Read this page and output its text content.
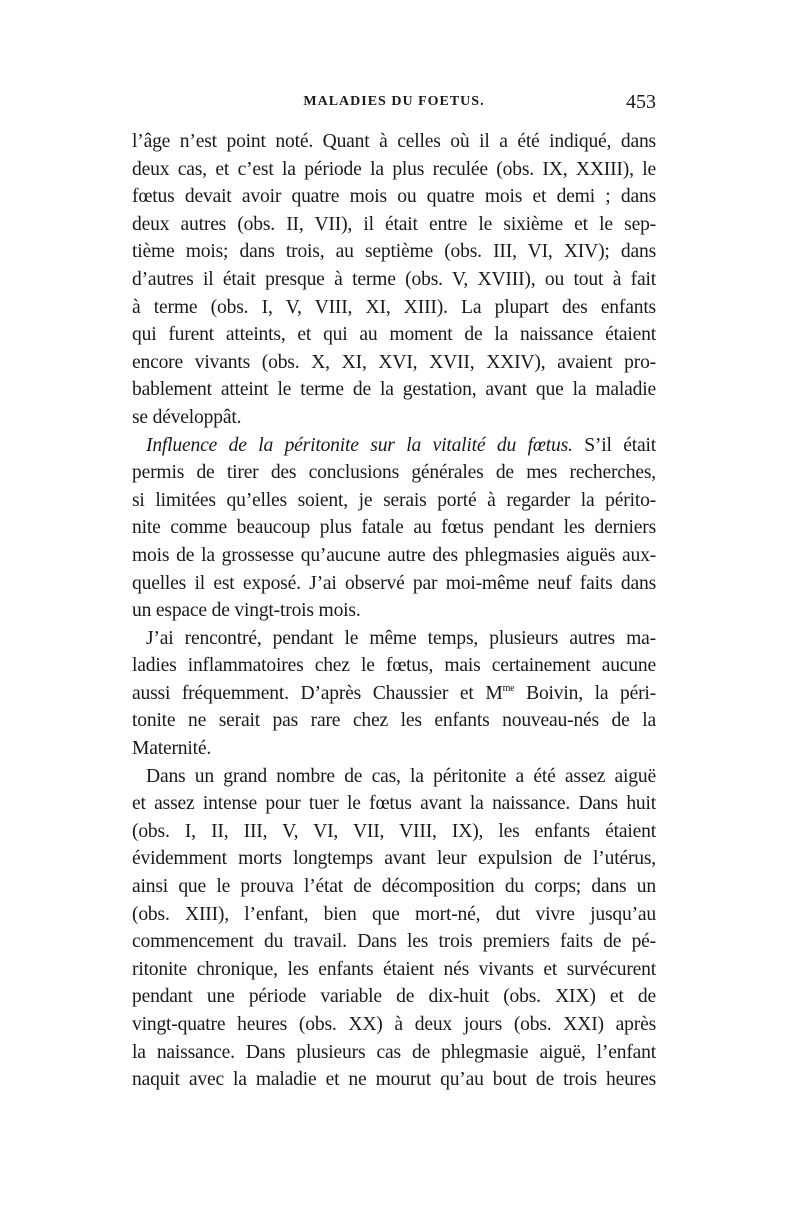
MALADIES DU FOETUS.	453
l’âge n’est point noté. Quant à celles où il a été indiqué, dans
deux cas, et c’est la période la plus reculée (obs. IX, XXIII), le
fœtus devait avoir quatre mois ou quatre mois et demi ; dans
deux autres (obs. II, VII), il était entre le sixième et le sep-
tième mois; dans trois, au septième (obs. III, VI, XIV); dans
d’autres il était presque à terme (obs. V, XVIII), ou tout à fait
à terme (obs. I, V, VIII, XI, XIII). La plupart des enfants
qui furent atteints, et qui au moment de la naissance étaient
encore vivants (obs. X, XI, XVI, XVII, XXIV), avaient pro-
bablement atteint le terme de la gestation, avant que la maladie
se développât.
Influence de la péritonite sur la vitalité du fœtus. S’il était
permis de tirer des conclusions générales de mes recherches,
si limitées qu’elles soient, je serais porté à regarder la périto-
nite comme beaucoup plus fatale au fœtus pendant les derniers
mois de la grossesse qu’aucune autre des phlegmasies aiguës aux-
quelles il est exposé. J’ai observé par moi-même neuf faits dans
un espace de vingt-trois mois.
J’ai rencontré, pendant le même temps, plusieurs autres ma-
ladies inflammatoires chez le fœtus, mais certainement aucune
aussi fréquemment. D’après Chaussier et $M^{me}$ Boivin, la péri-
tonite ne serait pas rare chez les enfants nouveau-nés de la
Maternité.
Dans un grand nombre de cas, la péritonite a été assez aiguë
et assez intense pour tuer le fœtus avant la naissance. Dans huit
(obs. I, II, III, V, VI, VII, VIII, IX), les enfants étaient
évidemment morts longtemps avant leur expulsion de l’utérus,
ainsi que le prouva l’état de décomposition du corps; dans un
(obs. XIII), l’enfant, bien que mort-né, dut vivre jusqu’au
commencement du travail. Dans les trois premiers faits de pé-
ritonite chronique, les enfants étaient nés vivants et survécurent
pendant une période variable de dix-huit (obs. XIX) et de
vingt-quatre heures (obs. XX) à deux jours (obs. XXI) après
la naissance. Dans plusieurs cas de phlegmasie aiguë, l’enfant
naquit avec la maladie et ne mourut qu’au bout de trois heures
